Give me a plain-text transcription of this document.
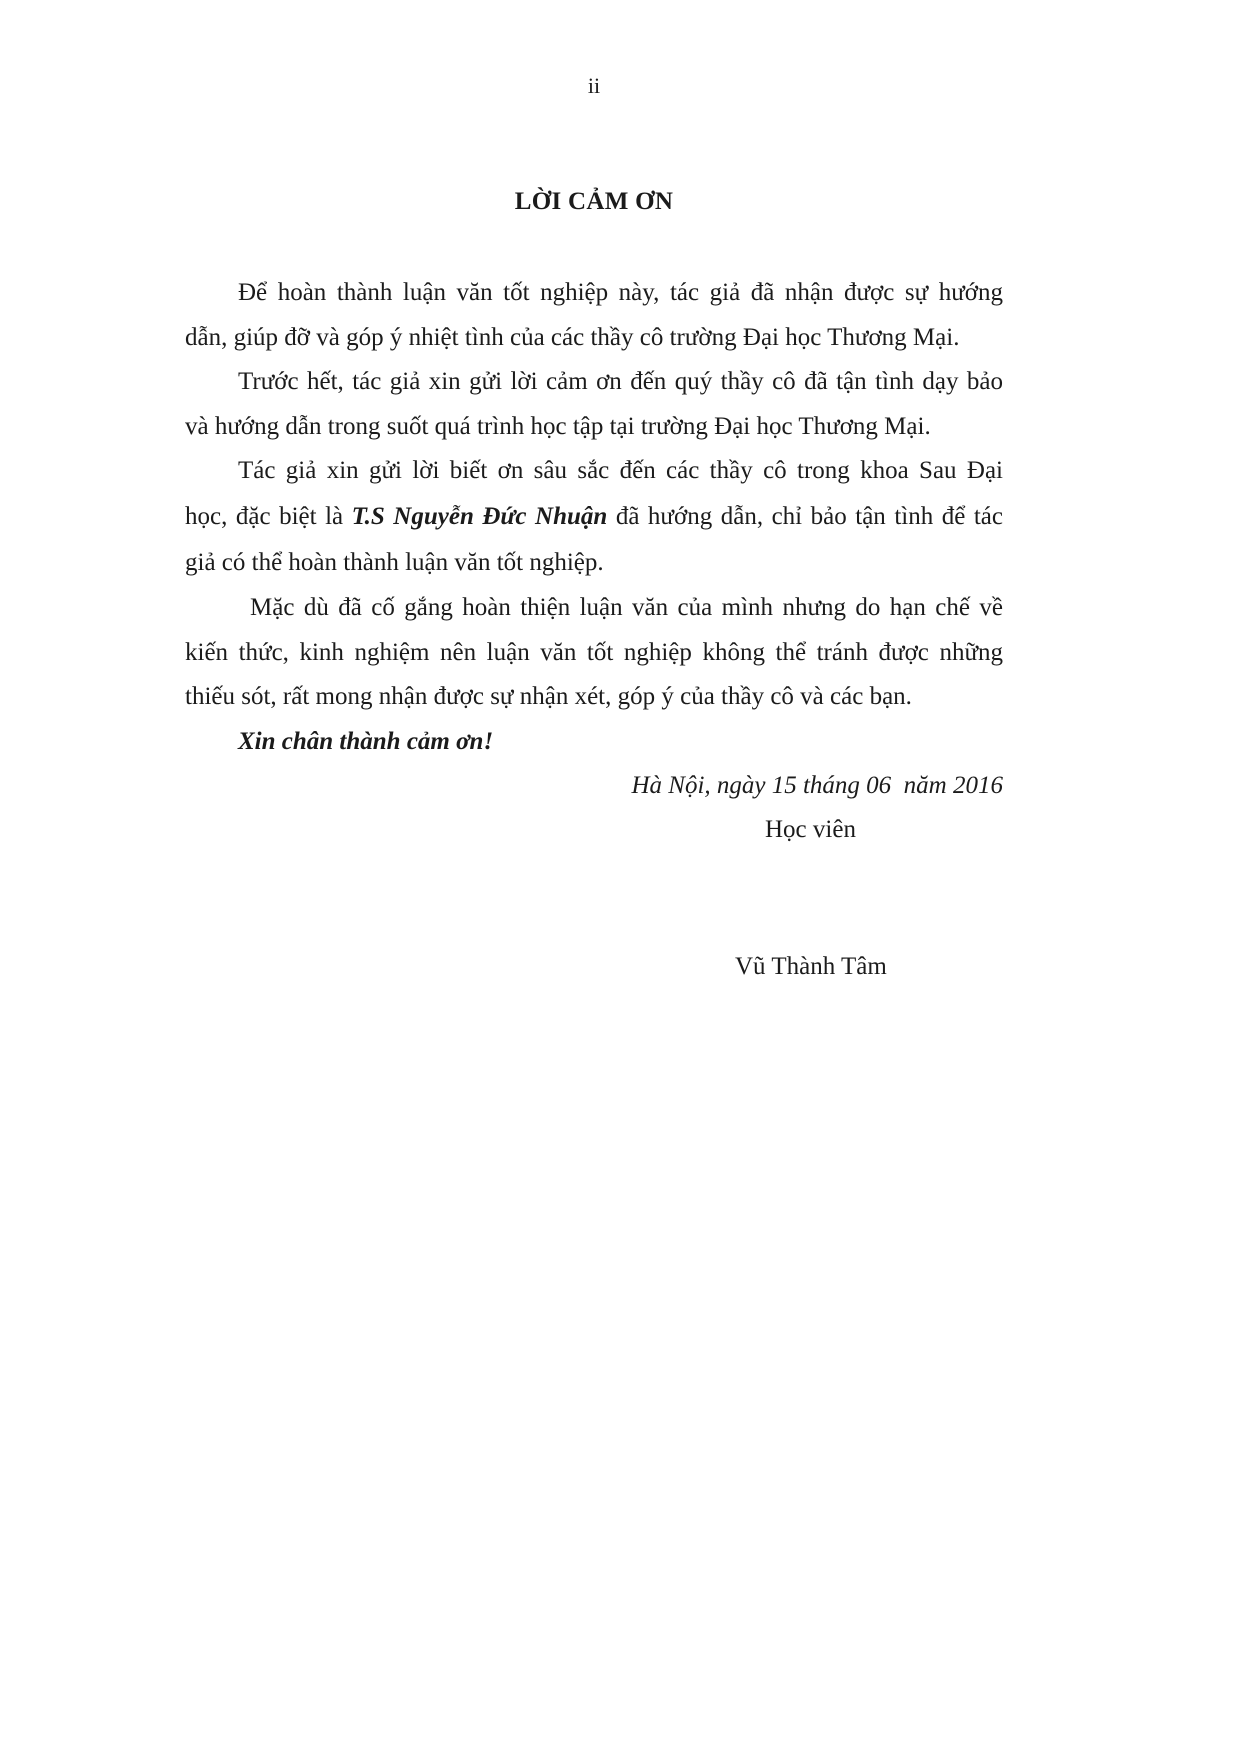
ii
LỜI CẢM ƠN
Để hoàn thành luận văn tốt nghiệp này, tác giả đã nhận được sự hướng
dẫn, giúp đỡ và góp ý nhiệt tình của các thầy cô trường Đại học Thương Mại.
Trước hết, tác giả xin gửi lời cảm ơn đến quý thầy cô đã tận tình dạy bảo
và hướng dẫn trong suốt quá trình học tập tại trường Đại học Thương Mại.
Tác giả xin gửi lời biết ơn sâu sắc đến các thầy cô trong khoa Sau Đại
học, đặc biệt là T.S Nguyễn Đức Nhuận đã hướng dẫn, chỉ bảo tận tình để tác
giả có thể hoàn thành luận văn tốt nghiệp.
Mặc dù đã cố gắng hoàn thiện luận văn của mình nhưng do hạn chế về
kiến thức, kinh nghiệm nên luận văn tốt nghiệp không thể tránh được những
thiếu sót, rất mong nhận được sự nhận xét, góp ý của thầy cô và các bạn.
Xin chân thành cảm ơn!
Hà Nội, ngày 15 tháng 06  năm 2016
Học viên
Vũ Thành Tâm
